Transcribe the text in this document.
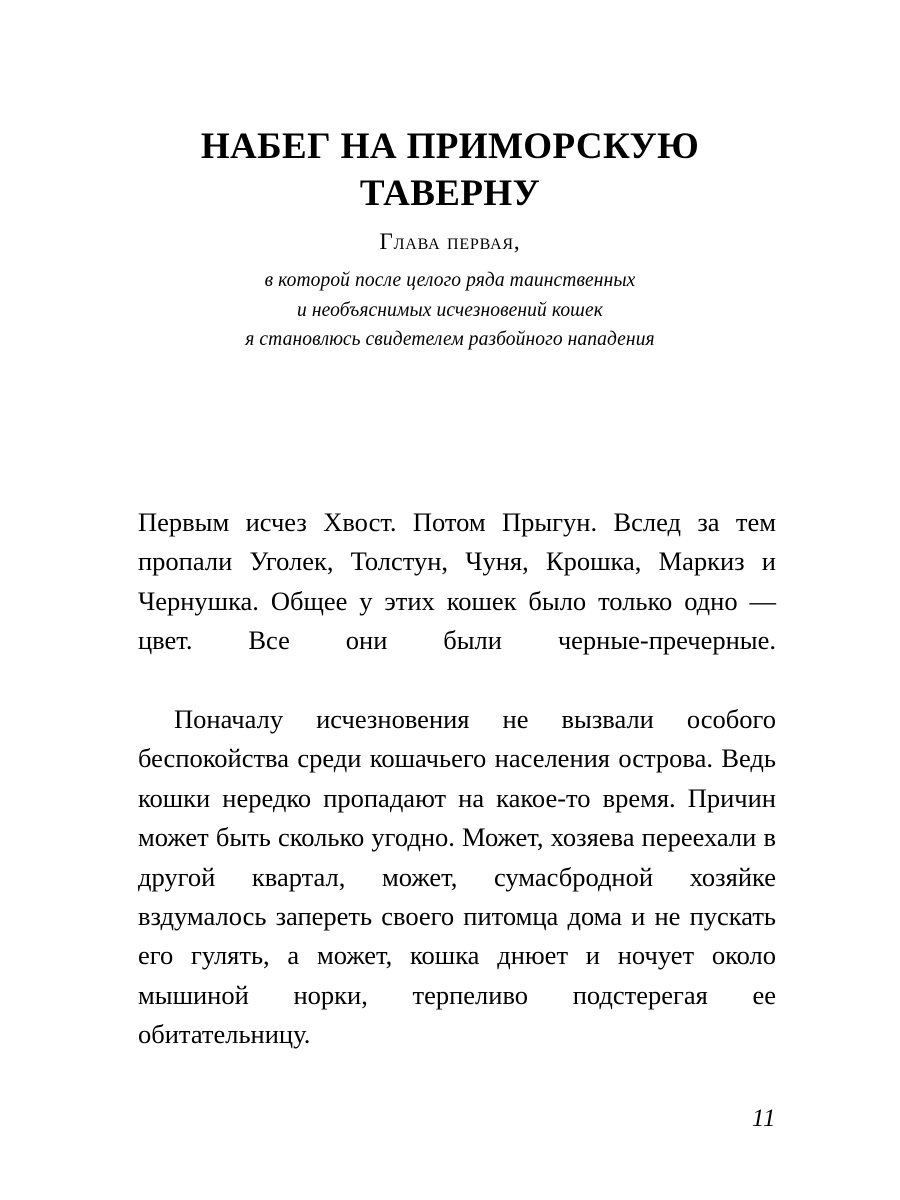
НАБЕГ НА ПРИМОРСКУЮ
ТАВЕРНУ
Глава первая,
в которой после целого ряда таинственных
и необъяснимых исчезновений кошек
я становлюсь свидетелем разбойного нападения

Первым исчез Хвост. Потом Прыгун. Вслед за тем пропали Уголек, Толстун, Чуня, Крошка, Маркиз и Чернушка. Общее у этих кошек было только одно — цвет. Все они были черные-пречерные.

Поначалу исчезновения не вызвали особого беспокойства среди кошачьего населения острова. Ведь кошки нередко пропадают на какое-то время. Причин может быть сколько угодно. Может, хозяева переехали в другой квартал, может, сумасбродной хозяйке вздумалось запереть своего питомца дома и не пускать его гулять, а может, кошка днюет и ночует около мышиной норки, терпеливо подстерегая ее обитательницу.

11
